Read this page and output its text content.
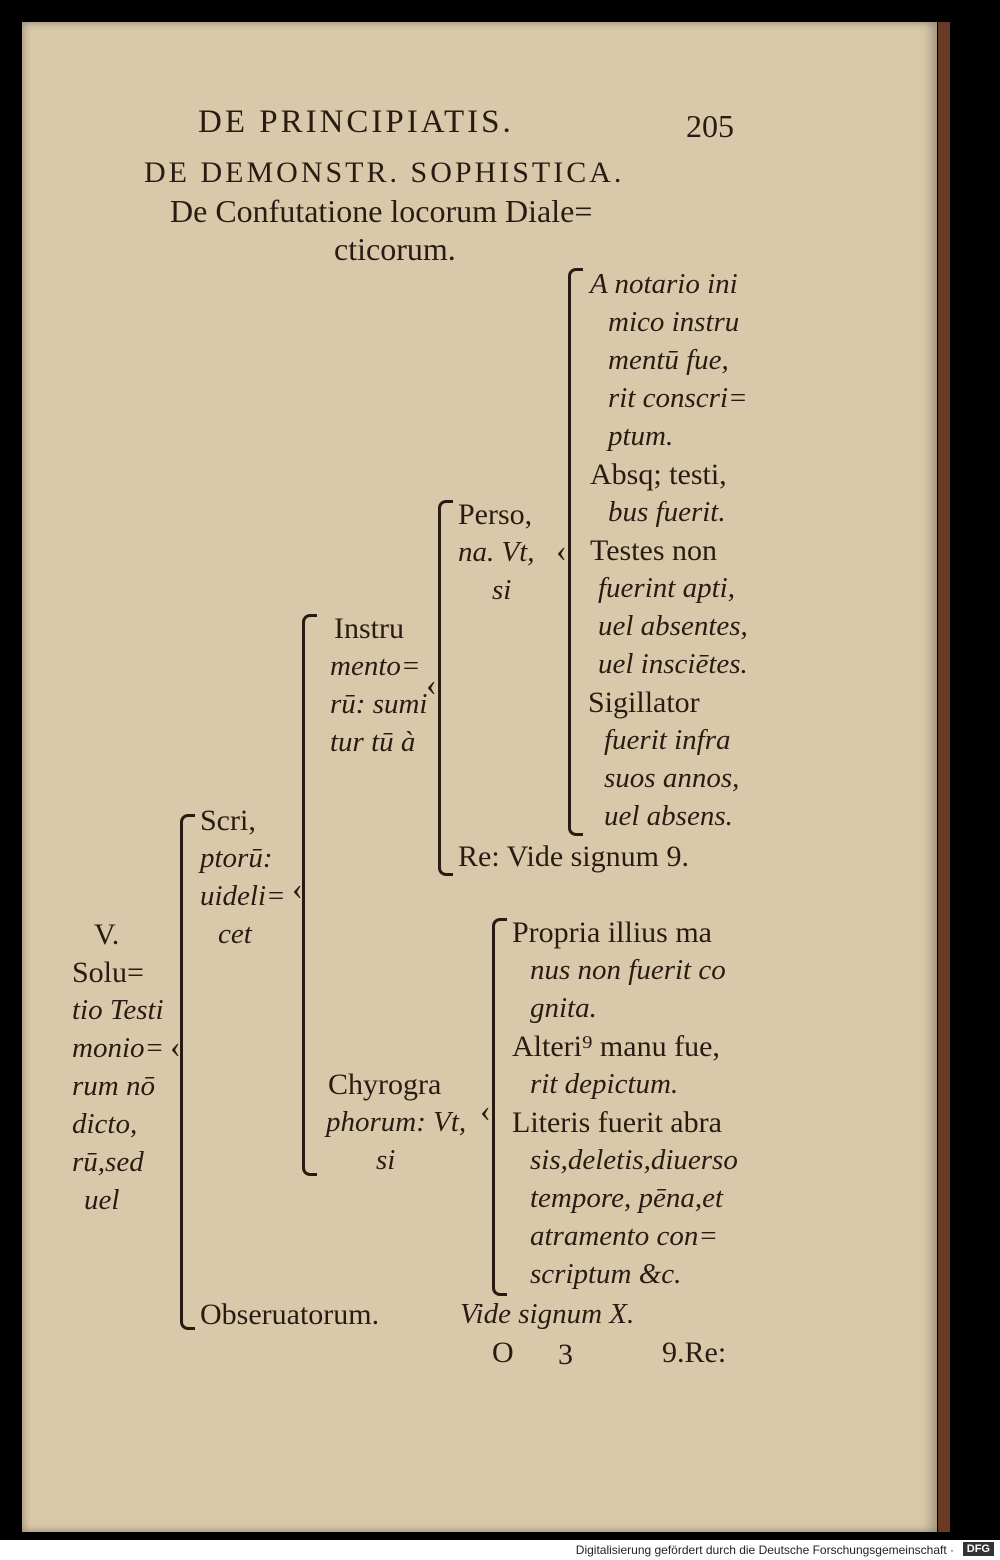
DE PRINCIPIATIS.	205
DE DEMONSTR. SOPHISTICA.
De Confutatione locorum Diale=
cticorum.
V.
Solu=
tio Testi
monio=
rum nō
dicto,
rū,sed
uel
‹
Scri,
ptorū:
uideli=
cet
‹
Instru
mento=
rū: sumi
tur tū à
‹
Perso,
na. Vt,
si
‹
A notario ini
mico instru
mentū fue,
rit conscri=
ptum.
Absq; testi,
bus fuerit.
Testes non
fuerint apti,
uel absentes,
uel insciētes.
Sigillator
fuerit infra
suos annos,
uel absens.
Re: Vide signum 9.
Chyrogra
phorum: Vt,
si
‹
Propria illius ma
nus non fuerit co
gnita.
Alteri⁹ manu fue,
rit depictum.
Literis fuerit abra
sis,deletis,diuerso
tempore, pēna,et
atramento con=
scriptum &c.
Obseruatorum.	Vide signum X.
O 3	9.Re:
Digitalisierung gefördert durch die Deutsche Forschungsgemeinschaft ·	DFG
